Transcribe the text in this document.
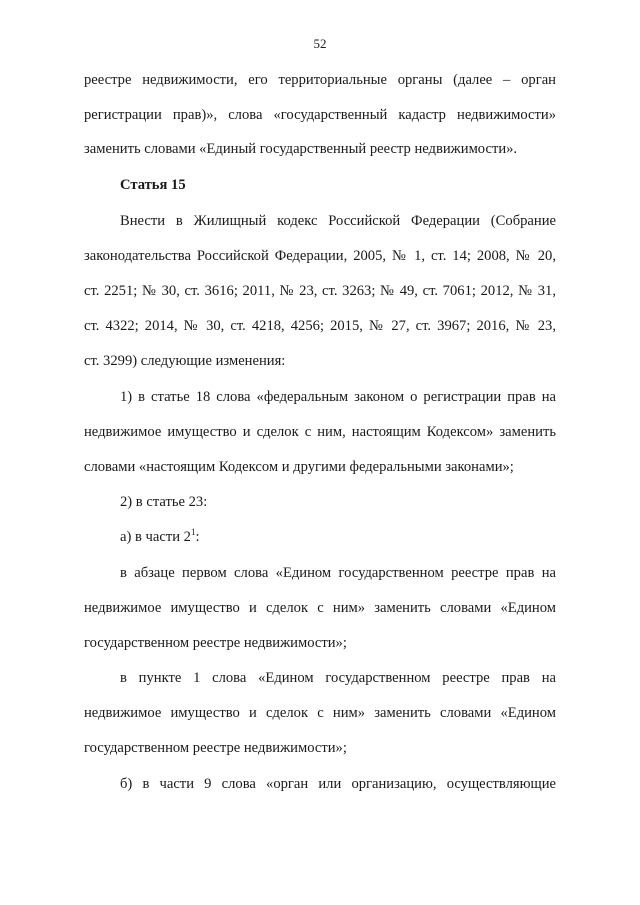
52
реестре недвижимости, его территориальные органы (далее – орган
регистрации прав)», слова «государственный кадастр недвижимости»
заменить словами «Единый государственный реестр недвижимости».
Статья 15
Внести в Жилищный кодекс Российской Федерации (Собрание
законодательства Российской Федерации, 2005, № 1, ст. 14; 2008, № 20,
ст. 2251; № 30, ст. 3616; 2011, № 23, ст. 3263; № 49, ст. 7061; 2012, № 31,
ст. 4322; 2014, № 30, ст. 4218, 4256; 2015, № 27, ст. 3967; 2016, № 23,
ст. 3299) следующие изменения:
1) в статье 18 слова «федеральным законом о регистрации прав на
недвижимое имущество и сделок с ним, настоящим Кодексом» заменить
словами «настоящим Кодексом и другими федеральными законами»;
2) в статье 23:
а) в части $2^1$:
в абзаце первом слова «Едином государственном реестре прав на
недвижимое имущество и сделок с ним» заменить словами «Едином
государственном реестре недвижимости»;
в пункте 1 слова «Едином государственном реестре прав на
недвижимое имущество и сделок с ним» заменить словами «Едином
государственном реестре недвижимости»;
б) в части 9 слова «орган или организацию, осуществляющие
